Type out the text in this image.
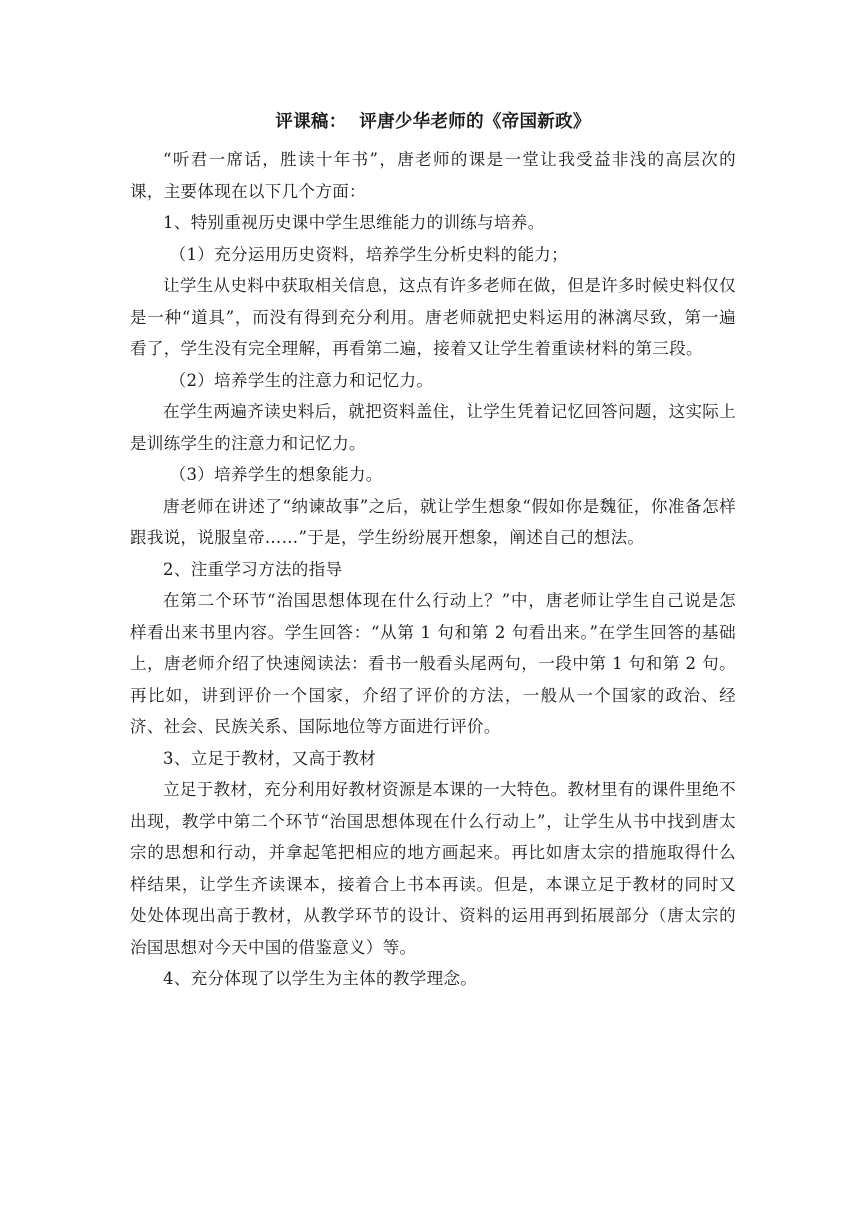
评课稿：  评唐少华老师的《帝国新政》

“听君一席话，胜读十年书”，唐老师的课是一堂让我受益非浅的高层次的课，主要体现在以下几个方面：

1、特别重视历史课中学生思维能力的训练与培养。

（1）充分运用历史资料，培养学生分析史料的能力；

让学生从史料中获取相关信息，这点有许多老师在做，但是许多时候史料仅仅是一种“道具”，而没有得到充分利用。唐老师就把史料运用的淋漓尽致，第一遍看了，学生没有完全理解，再看第二遍，接着又让学生着重读材料的第三段。

（2）培养学生的注意力和记忆力。

在学生两遍齐读史料后，就把资料盖住，让学生凭着记忆回答问题，这实际上是训练学生的注意力和记忆力。

（3）培养学生的想象能力。

唐老师在讲述了“纳谏故事”之后，就让学生想象“假如你是魏征，你准备怎样跟我说，说服皇帝……”于是，学生纷纷展开想象，阐述自己的想法。

2、注重学习方法的指导

在第二个环节“治国思想体现在什么行动上？”中，唐老师让学生自己说是怎样看出来书里内容。学生回答：“从第 1 句和第 2 句看出来。”在学生回答的基础上，唐老师介绍了快速阅读法：看书一般看头尾两句，一段中第 1 句和第 2 句。再比如，讲到评价一个国家，介绍了评价的方法，一般从一个国家的政治、经济、社会、民族关系、国际地位等方面进行评价。

3、立足于教材，又高于教材

立足于教材，充分利用好教材资源是本课的一大特色。教材里有的课件里绝不出现，教学中第二个环节“治国思想体现在什么行动上”，让学生从书中找到唐太宗的思想和行动，并拿起笔把相应的地方画起来。再比如唐太宗的措施取得什么样结果，让学生齐读课本，接着合上书本再读。但是，本课立足于教材的同时又处处体现出高于教材，从教学环节的设计、资料的运用再到拓展部分（唐太宗的治国思想对今天中国的借鉴意义）等。

4、充分体现了以学生为主体的教学理念。
